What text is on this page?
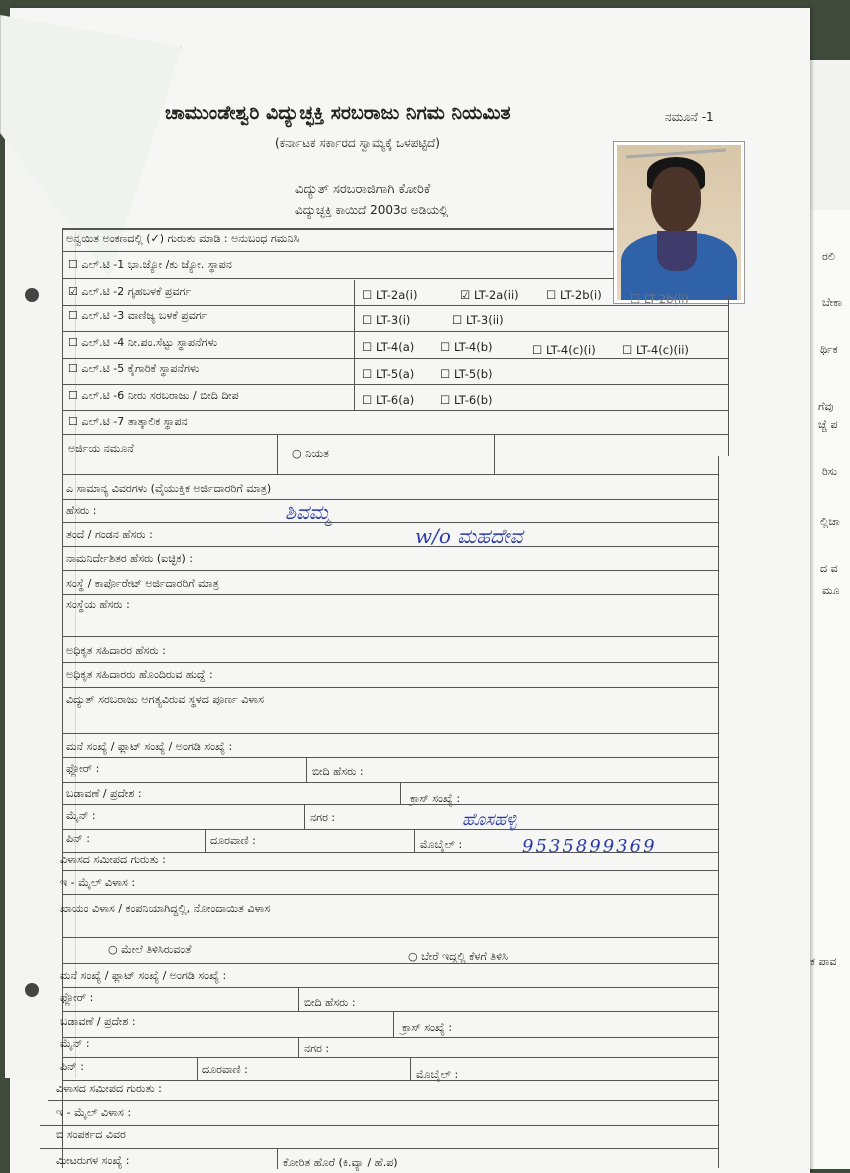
ರಲಿ
ಬೇಕಾ
ರ್ಥಿಕ
ಗೆವು
ಚ್ಚೆ ಪ
ರಿಸು
ಲ್ಲಿಚಾ
ದ ವ
ಮೂ
ಕ ಪಾವ
ಚಾಮುಂಡೇಶ್ವರಿ ವಿದ್ಯುಚ್ಛಕ್ತಿ ಸರಬರಾಜು ನಿಗಮ ನಿಯಮಿತ
(ಕರ್ನಾಟಕ ಸರ್ಕಾರದ ಸ್ವಾಮ್ಯಕ್ಕೆ ಒಳಪಟ್ಟಿದೆ)
ನಮೂನೆ -1
ವಿದ್ಯುತ್ ಸರಬರಾಜಿಗಾಗಿ ಕೋರಿಕೆ
ವಿದ್ಯುಚ್ಛಕ್ತಿ ಕಾಯಿದೆ 2003ರ ಅಡಿಯಲ್ಲಿ
ಅನ್ವಯಿತ ಅಂಕಣದಲ್ಲಿ (✓) ಗುರುತು ಮಾಡಿ : ಅನುಬಂಧ ಗಮನಿಸಿ
☐ ಎಲ್.ಟಿ -1 ಭಾ.ಜ್ಯೋ /ಕು ಜ್ಯೋ. ಸ್ಥಾಪನ
☑ ಎಲ್.ಟಿ -2 ಗೃಹಬಳಕೆ ಪ್ರವರ್ಗ	☐ LT-2a(i)	☑ LT-2a(ii) ☐ LT-2b(i) ☐ LT-2b(ii)
☐ ಎಲ್.ಟಿ -3 ವಾಣಿಜ್ಯ ಬಳಕೆ ಪ್ರವರ್ಗ	☐ LT-3(i)	☐ LT-3(ii)
☐ ಎಲ್.ಟಿ -4 ನೀ.ಪಂ.ಸೆಟ್ಟು ಸ್ಥಾಪನೆಗಳು	☐ LT-4(a) ☐ LT-4(b)	☐ LT-4(c)(i) ☐ LT-4(c)(ii)
☐ ಎಲ್.ಟಿ -5 ಕೈಗಾರಿಕೆ ಸ್ಥಾಪನೆಗಳು	☐ LT-5(a) ☐ LT-5(b)
☐ ಎಲ್.ಟಿ -6 ನೀರು ಸರಬರಾಜು / ಬೀದಿ ದೀಪ	☐ LT-6(a) ☐ LT-6(b)
☐ ಎಲ್.ಟಿ -7 ತಾತ್ಕಾಲಿಕ ಸ್ಥಾಪನ
ಅರ್ಜಿಯ ನಮೂನೆ	○ ನಿಯತ
ಎ ಸಾಮಾನ್ಯ ವಿವರಗಳು (ವೈಯುಕ್ತಿಕ ಅರ್ಜಿದಾರರಿಗೆ ಮಾತ್ರ)
ಹೆಸರು :	ಶಿವಮ್ಮ
ತಂದೆ / ಗಂಡನ ಹೆಸರು :	w/o ಮಹದೇವ
ನಾಮನಿರ್ದೇಶಿತರ ಹೆಸರು (ಐಚ್ಛಿಕ) :
ಸಂಸ್ಥೆ / ಕಾರ್ಪೊರೇಟ್ ಅರ್ಜಿದಾರರಿಗೆ ಮಾತ್ರ
ಸಂಸ್ಥೆಯ ಹೆಸರು :
ಅಧಿಕೃತ ಸಹಿದಾರರ ಹೆಸರು :
ಅಧಿಕೃತ ಸಹಿದಾರರು ಹೊಂದಿರುವ ಹುದ್ದೆ :
ವಿದ್ಯುತ್ ಸರಬರಾಜು ಅಗತ್ಯವಿರುವ ಸ್ಥಳದ ಪೂರ್ಣ ವಿಳಾಸ
ಮನೆ ಸಂಖ್ಯೆ / ಫ್ಲಾಟ್ ಸಂಖ್ಯೆ / ಅಂಗಡಿ ಸಂಖ್ಯೆ :
ಫ್ಲೋರ್ :	ಬೀದಿ ಹೆಸರು :
ಬಡಾವಣೆ / ಪ್ರದೇಶ :	ಕ್ರಾಸ್ ಸಂಖ್ಯೆ :
ಮೈನ್ :	ನಗರ :	ಹೊಸಹಳ್ಳಿ
ಪಿನ್ :	ದೂರವಾಣಿ :	ಮೊಬೈಲ್ :	9535899369
ವಿಳಾಸದ ಸಮೀಪದ ಗುರುತು :
ಇ - ಮೈಲ್ ವಿಳಾಸ :
ಖಾಯಂ ವಿಳಾಸ / ಕಂಪನಿಯಾಗಿದ್ದಲ್ಲಿ, ನೋಂದಾಯಿತ ವಿಳಾಸ
○ ಮೇಲೆ ತಿಳಿಸಿರುವಂತೆ
○ ಬೇರೆ ಇದ್ದಲ್ಲಿ ಕೆಳಗೆ ತಿಳಿಸಿ
ಮನೆ ಸಂಖ್ಯೆ / ಫ್ಲಾಟ್ ಸಂಖ್ಯೆ / ಅಂಗಡಿ ಸಂಖ್ಯೆ :
ಫ್ಲೋರ್ :	ಬೀದಿ ಹೆಸರು :
ಬಡಾವಣೆ / ಪ್ರದೇಶ :	ಕ್ರಾಸ್ ಸಂಖ್ಯೆ :
ಮೈನ್ :	ನಗರ :
ಪಿನ್ :	ದೂರವಾಣಿ :	ಮೊಬೈಲ್ :
ವಿಳಾಸದ ಸಮೀಪದ ಗುರುತು :
ಇ - ಮೈಲ್ ವಿಳಾಸ :
ಬಿ ಸಂಪರ್ಕದ ವಿವರ
ಮೀಟರುಗಳ ಸಂಖ್ಯೆ :	ಕೋರಿತ ಹೊರೆ (ಕಿ.ವ್ಯಾ / ಹೆ.ಪ)
